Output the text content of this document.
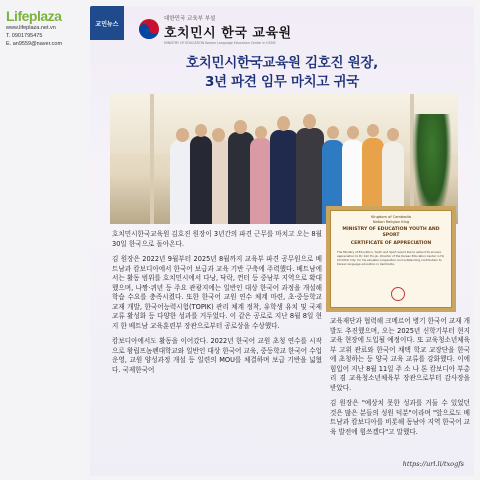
Lifeplaza
www.lifeplaza.net.vn
T. 0901795475
E. an9559@naver.com
교민뉴스
대한민국 교육부 부설
호치민시 한국 교육원
MINISTRY OF EDUCATION Korean Language Education Center in HCMC
호치민시한국교육원 김호진 원장,
3년 파견 임무 마치고 귀국
Kingdom of Cambodia
Nation Religion King
MINISTRY OF EDUCATION YOUTH AND SPORT
CERTIFICATE OF APPRECIATION
The Ministry of Education, Youth and Sport would like to extend its sincere appreciation to Dr. Kim Ho-jin, Director of the Korean Education Center in Ho Chi Minh City, for his valuable cooperation and outstanding contribution to Korean language education in Cambodia.

호치민시한국교육원 김호진 원장이 3년간의 파견 근무를 마치고 오는 8월 30일 한국으로 돌아온다.

김 원장은 2022년 9월부터 2025년 8월까지 교육부 파견 공무원으로 베트남과 캄보디아에서 한국어 보급과 교육 기반 구축에 주력했다. 베트남에서는 활동 범위를 호치민시에서 다낭, 닥락, 껀터 등 중남부 지역으로 확대했으며, 나짱·퀴년 등 주요 관광지에는 일반인 대상 한국어 과정을 개설해 학습 수요를 충족시켰다. 또한 한국어 교원 연수 체계 마련, 초·중등학교 교재 개발, 한국어능력시험(TOPIK) 관리 체계 정착, 유학생 유치 및 국제교류 활성화 등 다양한 성과를 거두었다. 이 같은 공로로 지난 8월 8일 현지 한 베트남 교육훈련부 장관으로부터 공로상을 수상했다.

캄보디아에서도 활동을 이어갔다. 2022년 한국어 교원 초청 연수를 시작으로 왕립프놈펜대학교와 일반인 대상 한국어 교육, 중등학교 한국어 수업 운영, 교원 양성과정 개설 등 일련의 MOU를 체결하며 보급 기반을 넓혔다. 국제한국어

교육재단과 협력해 크메르어 병기 한국어 교재 개발도 추진했으며, 오는 2025년 신학기부터 현지 교육 현장에 도입될 예정이다. 또 교육청소년체육부 고위 관료와 한국어 채택 학교 교장단을 한국에 초청하는 등 양국 교육 교류를 강화했다. 이에 힘입어 지난 8월 11일 주 소 나 톤 캄보디아 부총리 겸 교육청소년체육부 장관으로부터 감사장을 받았다.

김 원장은 "예상치 못한 성과를 거둘 수 있었던 것은 많은 분들의 성원 덕분"이라며 "앞으로도 베트남과 캄보디아를 비롯해 동남아 지역 한국어 교육 발전에 힘쓰겠다"고 말했다.

https://url.li/txogfs
